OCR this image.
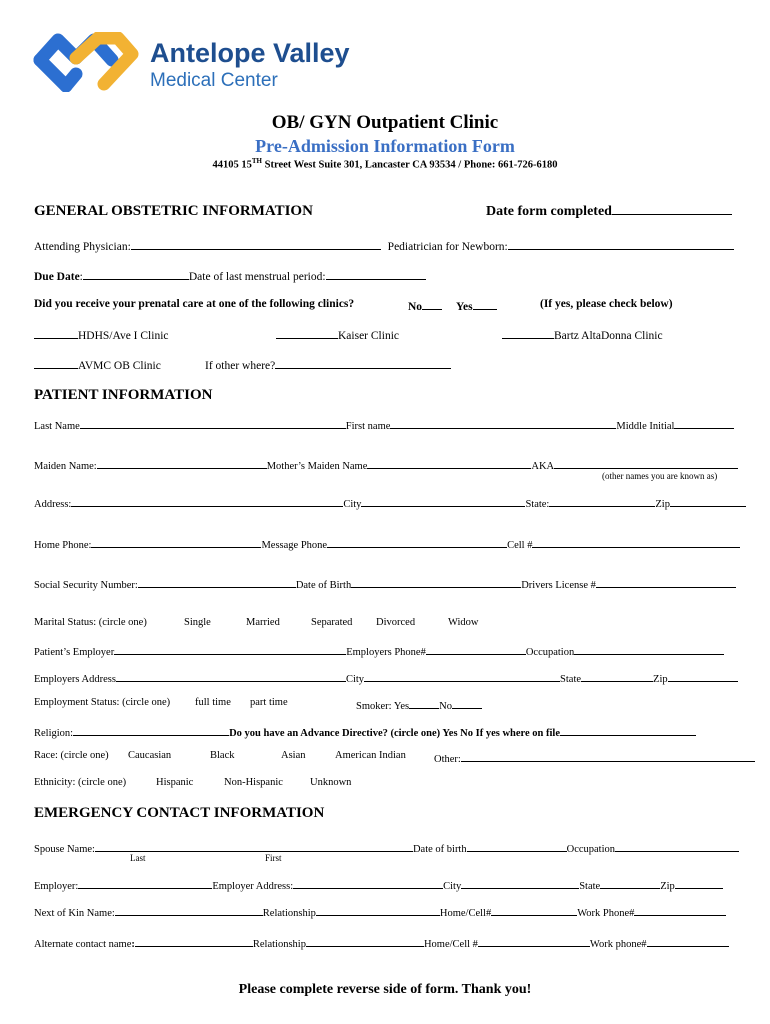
Antelope Valley
Medical Center
OB/ GYN Outpatient Clinic
Pre-Admission Information Form
44105 15TH Street West Suite 301, Lancaster CA 93534 / Phone: 661-726-6180
GENERAL OBSTETRIC INFORMATION	Date form completed
Attending Physician:	Pediatrician for Newborn:
Due Date:	Date of last menstrual period:
Did you receive your prenatal care at one of the following clinics?	No	Yes	(If yes, please check below)
HDHS/Ave I Clinic	Kaiser Clinic	Bartz AltaDonna Clinic
AVMC OB Clinic	If other where?
PATIENT INFORMATION
Last Name	First name	Middle Initial
Maiden Name:	Mother’s Maiden Name	AKA
(other names you are known as)
Address:	City	State:	Zip
Home Phone:	Message Phone	Cell #
Social Security Number:	Date of Birth	Drivers License #
Marital Status: (circle one)	Single	Married	Separated Divorced	Widow
Patient’s Employer	Employers Phone#	Occupation
Employers Address	City	State	Zip
Employment Status: (circle one) full time part time	Smoker: Yes	No
Religion:	Do you have an Advance Directive? (circle one) Yes No If yes where on file
Race: (circle one) Caucasian	Black	Asian	American Indian	Other:
Ethnicity: (circle one)	Hispanic	Non-Hispanic	Unknown
EMERGENCY CONTACT INFORMATION
Spouse Name:	Date of birth	Occupation
Last	First
Employer:	Employer Address:	City	State	Zip
Next of Kin Name:	Relationship	Home/Cell#	Work Phone#
Alternate contact name:	Relationship	Home/Cell #	Work phone#
Please complete reverse side of form. Thank you!
